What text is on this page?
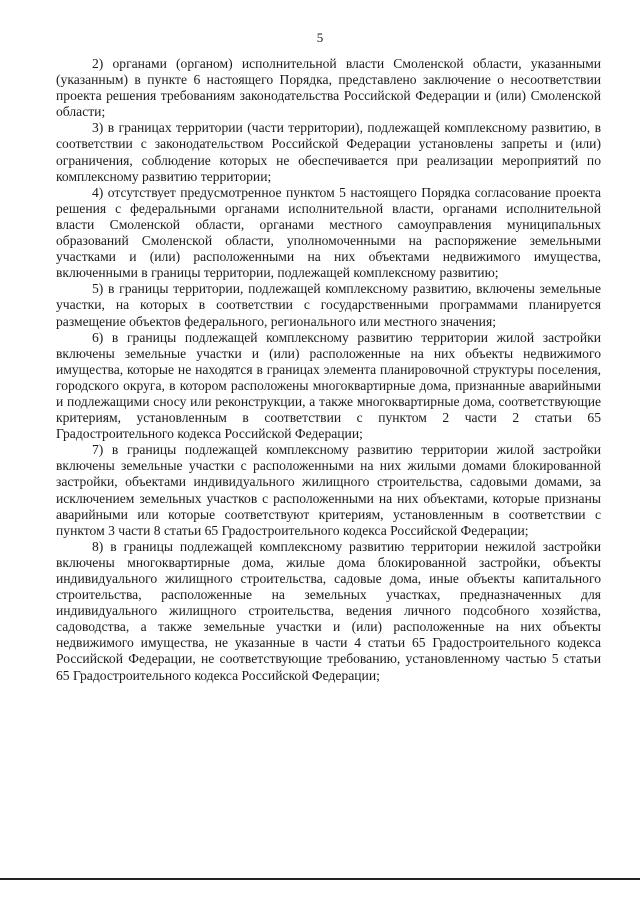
5

2) органами (органом) исполнительной власти Смоленской области, указанными (указанным) в пункте 6 настоящего Порядка, представлено заключение о несоответствии проекта решения требованиям законодательства Российской Федерации и (или) Смоленской области;

3) в границах территории (части территории), подлежащей комплексному развитию, в соответствии с законодательством Российской Федерации установлены запреты и (или) ограничения, соблюдение которых не обеспечивается при реализации мероприятий по комплексному развитию территории;

4) отсутствует предусмотренное пунктом 5 настоящего Порядка согласование проекта решения с федеральными органами исполнительной власти, органами исполнительной власти Смоленской области, органами местного самоуправления муниципальных образований Смоленской области, уполномоченными на распоряжение земельными участками и (или) расположенными на них объектами недвижимого имущества, включенными в границы территории, подлежащей комплексному развитию;

5) в границы территории, подлежащей комплексному развитию, включены земельные участки, на которых в соответствии с государственными программами планируется размещение объектов федерального, регионального или местного значения;

6) в границы подлежащей комплексному развитию территории жилой застройки включены земельные участки и (или) расположенные на них объекты недвижимого имущества, которые не находятся в границах элемента планировочной структуры поселения, городского округа, в котором расположены многоквартирные дома, признанные аварийными и подлежащими сносу или реконструкции, а также многоквартирные дома, соответствующие критериям, установленным в соответствии с пунктом 2 части 2 статьи 65 Градостроительного кодекса Российской Федерации;

7) в границы подлежащей комплексному развитию территории жилой застройки включены земельные участки с расположенными на них жилыми домами блокированной застройки, объектами индивидуального жилищного строительства, садовыми домами, за исключением земельных участков с расположенными на них объектами, которые признаны аварийными или которые соответствуют критериям, установленным в соответствии с пунктом 3 части 8 статьи 65 Градостроительного кодекса Российской Федерации;

8) в границы подлежащей комплексному развитию территории нежилой застройки включены многоквартирные дома, жилые дома блокированной застройки, объекты индивидуального жилищного строительства, садовые дома, иные объекты капитального строительства, расположенные на земельных участках, предназначенных для индивидуального жилищного строительства, ведения личного подсобного хозяйства, садоводства, а также земельные участки и (или) расположенные на них объекты недвижимого имущества, не указанные в части 4 статьи 65 Градостроительного кодекса Российской Федерации, не соответствующие требованию, установленному частью 5 статьи 65 Градостроительного кодекса Российской Федерации;
